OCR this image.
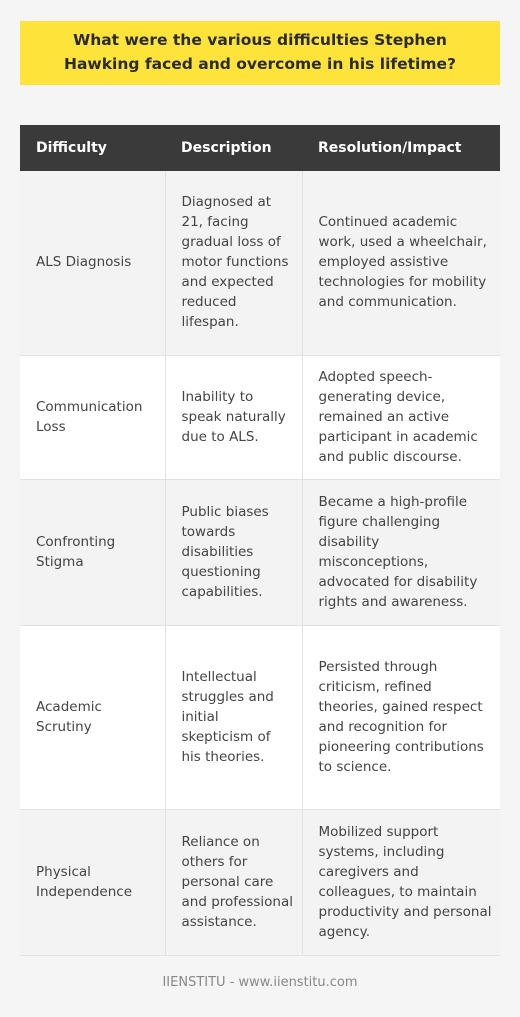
What were the various difficulties Stephen Hawking faced and overcome in his lifetime?
Difficulty	Description	Resolution/Impact
ALS Diagnosis	Diagnosed at 21, facing gradual loss of motor functions and expected reduced lifespan.	Continued academic work, used a wheelchair, employed assistive technologies for mobility and communication.
Communication Loss	Inability to speak naturally due to ALS.	Adopted speech-generating device, remained an active participant in academic and public discourse.
Confronting Stigma	Public biases towards disabilities questioning capabilities.	Became a high-profile figure challenging disability misconceptions, advocated for disability rights and awareness.
Academic Scrutiny	Intellectual struggles and initial skepticism of his theories.	Persisted through criticism, refined theories, gained respect and recognition for pioneering contributions to science.
Physical Independence	Reliance on others for personal care and professional assistance.	Mobilized support systems, including caregivers and colleagues, to maintain productivity and personal agency.
IIENSTITU - www.iienstitu.com
